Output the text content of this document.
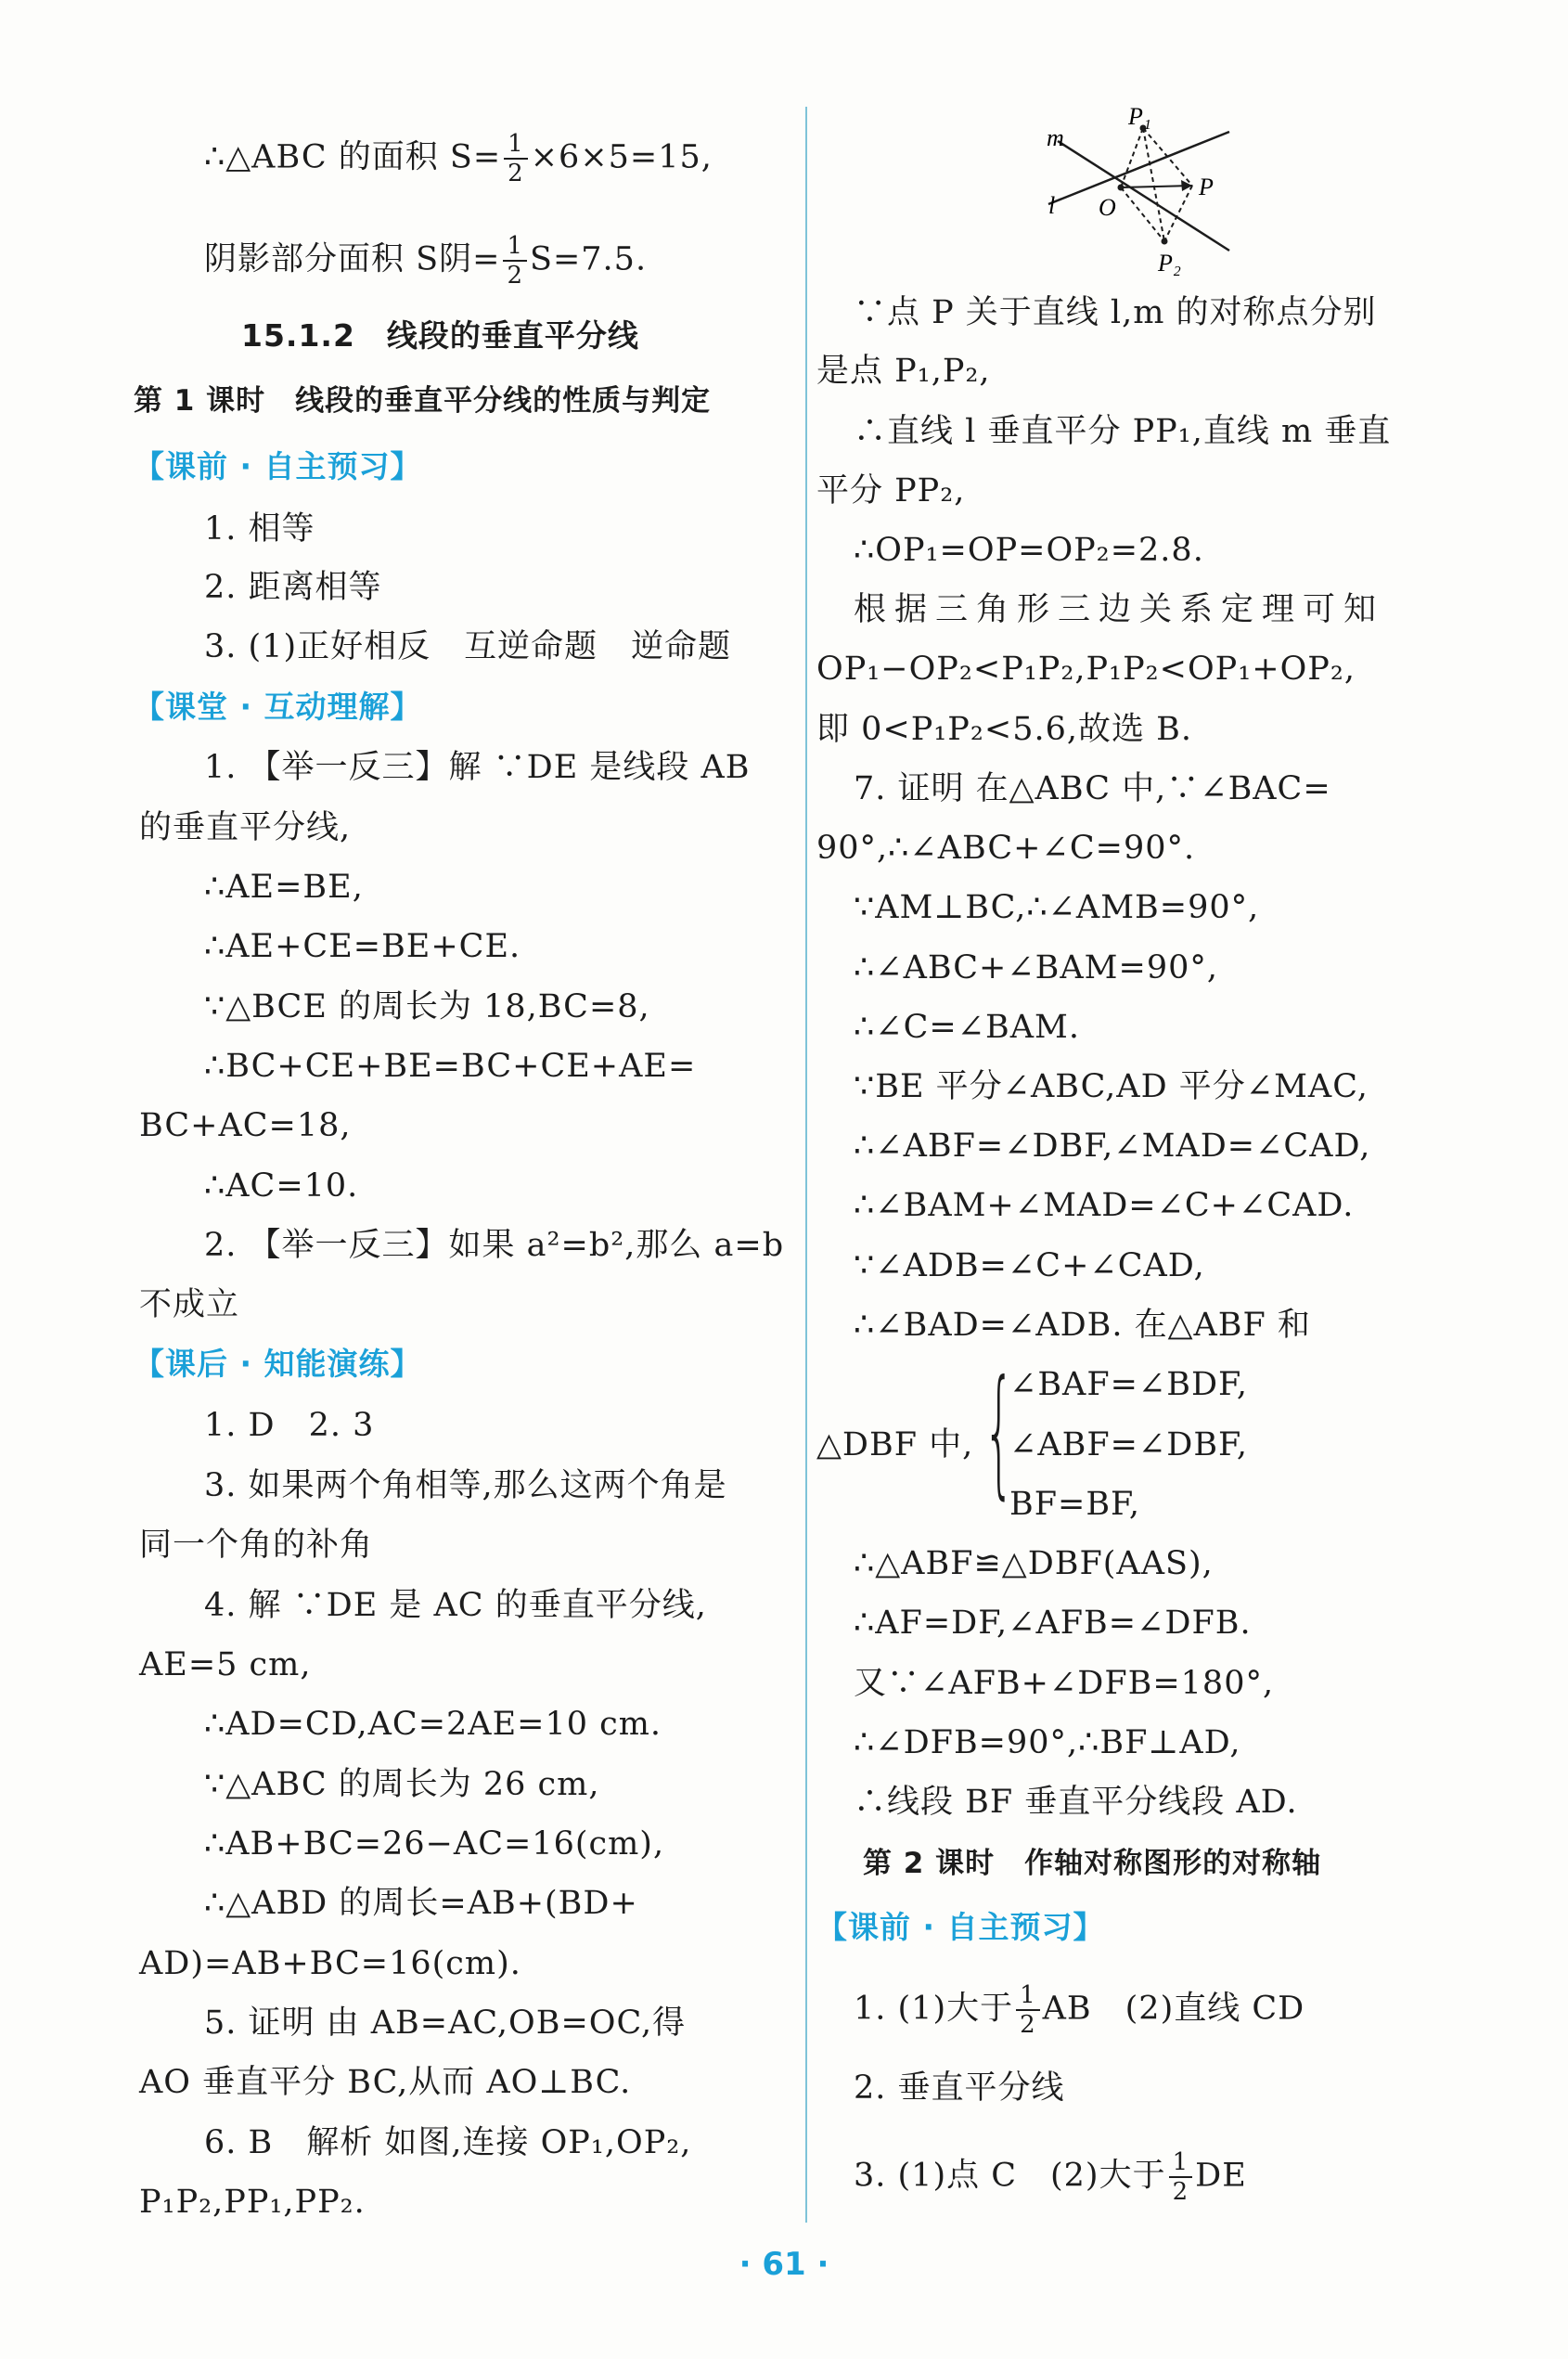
∴△ABC 的面积 $S= \frac{1}{2} \times 6\times 5=15$,
阴影部分面积 S阴= $\frac{1}{2} S=7.5$.
15.1.2　线段的垂直平分线
第 1 课时　线段的垂直平分线的性质与判定
【课前 · 自主预习】
1. 相等
2. 距离相等
3. (1)正好相反　互逆命题　逆命题
【课堂 · 互动理解】
1. 【举一反三】解 ∵DE 是线段 AB
的垂直平分线,
∴AE=BE,
∴AE+CE=BE+CE.
∵△BCE 的周长为 18,BC=8,
∴BC+CE+BE=BC+CE+AE=
BC+AC=18,
∴AC=10.
2. 【举一反三】如果 a²=b²,那么 a=b
不成立
【课后 · 知能演练】
1. D　2. 3
3. 如果两个角相等,那么这两个角是
同一个角的补角
4. 解 ∵DE 是 AC 的垂直平分线,
AE=5 cm,
∴AD=CD,AC=2AE=10 cm.
∵△ABC 的周长为 26 cm,
∴AB+BC=26−AC=16(cm),
∴△ABD 的周长=AB+(BD+
AD)=AB+BC=16(cm).
5. 证明 由 AB=AC,OB=OC,得
AO 垂直平分 BC,从而 AO⊥BC.
6. B　解析 如图,连接 OP₁,OP₂,
P₁P₂,PP₁,PP₂.
m
l O
P
P₁
P₂
∵点 P 关于直线 l,m 的对称点分别
是点 P₁,P₂,
∴直线 l 垂直平分 PP₁,直线 m 垂直
平分 PP₂,
∴OP₁=OP=OP₂=2.8.
根据三角形三边关系定理可知
OP₁−OP₂<P₁P₂,P₁P₂<OP₁+OP₂,
即 0<P₁P₂<5.6,故选 B.
7. 证明 在△ABC 中,∵∠BAC=
90°,∴∠ABC+∠C=90°.
∵AM⊥BC,∴∠AMB=90°,
∴∠ABC+∠BAM=90°,
∴∠C=∠BAM.
∵BE 平分∠ABC,AD 平分∠MAC,
∴∠ABF=∠DBF,∠MAD=∠CAD,
∴∠BAM+∠MAD=∠C+∠CAD.
∵∠ADB=∠C+∠CAD,
∴∠BAD=∠ADB. 在△ABF 和
∠BAF=∠BDF,
△DBF 中, {
∠ABF=∠DBF,
BF=BF,
∴△ABF≌△DBF(AAS),
∴AF=DF,∠AFB=∠DFB.
又∵∠AFB+∠DFB=180°,
∴∠DFB=90°,∴BF⊥AD,
∴线段 BF 垂直平分线段 AD.
第 2 课时　作轴对称图形的对称轴
【课前 · 自主预习】
1. (1)大于 $\frac{1}{2}$ AB　(2)直线 CD
2. 垂直平分线
3. (1)点 C　(2)大于 $\frac{1}{2}$ DE
· 61 ·
